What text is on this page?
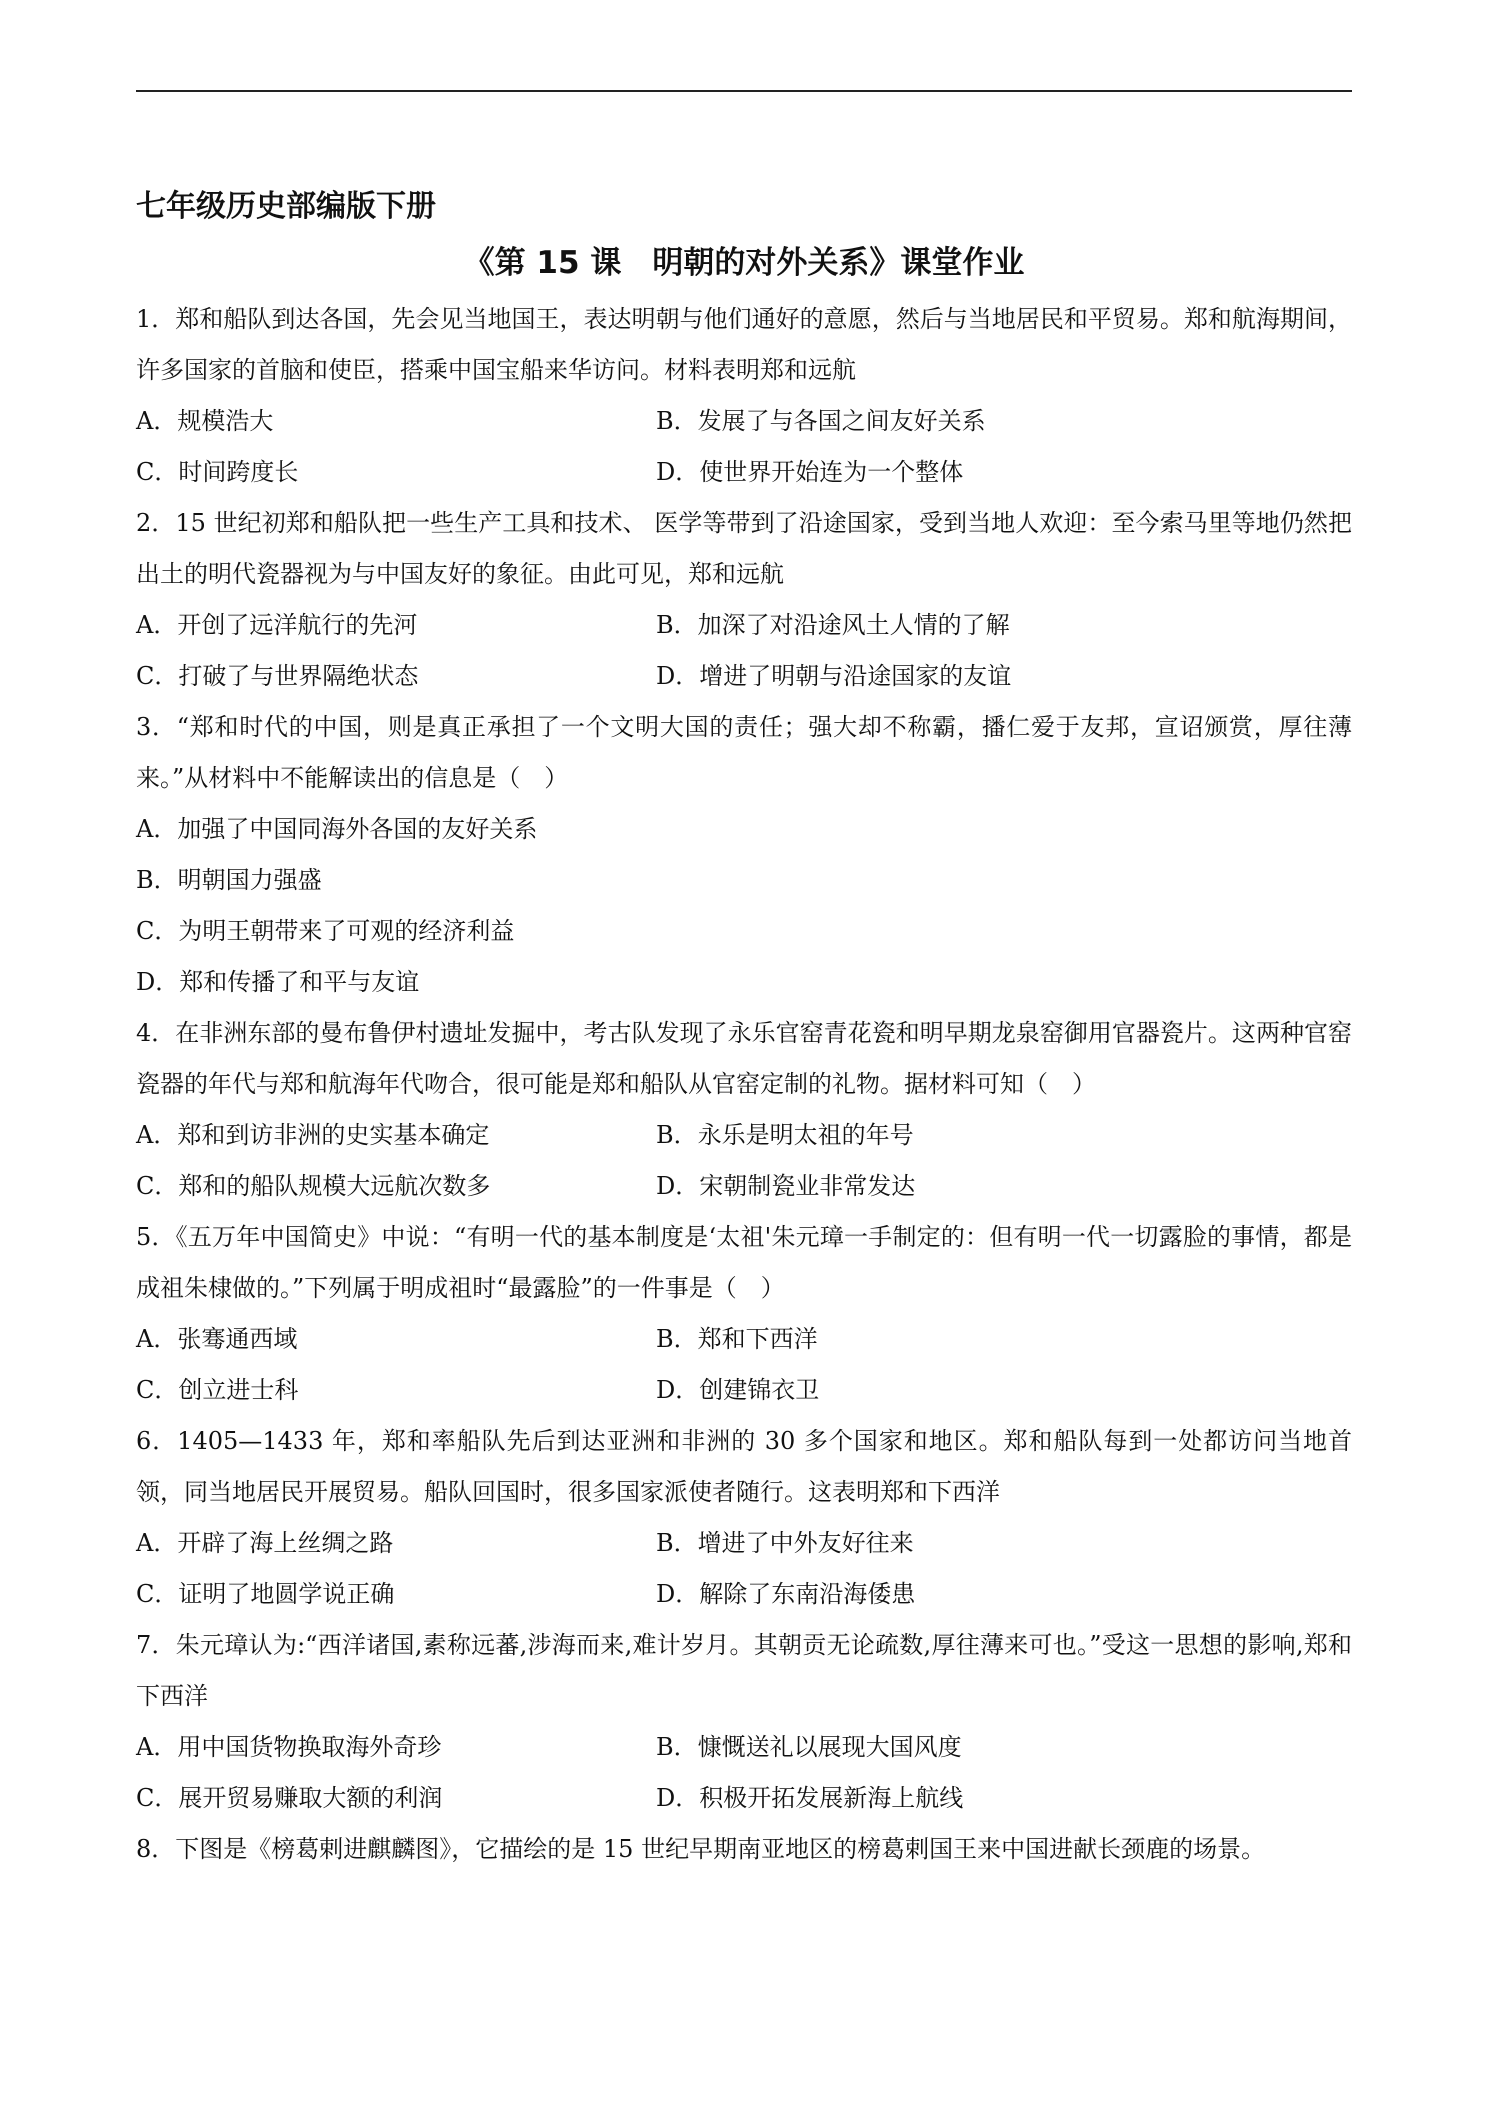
七年级历史部编版下册
《第 15 课　明朝的对外关系》课堂作业

1．郑和船队到达各国，先会见当地国王，表达明朝与他们通好的意愿，然后与当地居民和平贸易。郑和航海期间，许多国家的首脑和使臣，搭乘中国宝船来华访问。材料表明郑和远航

A．规模浩大	B．发展了与各国之间友好关系
C．时间跨度长	D．使世界开始连为一个整体

2．15 世纪初郑和船队把一些生产工具和技术、 医学等带到了沿途国家，受到当地人欢迎：至今索马里等地仍然把出土的明代瓷器视为与中国友好的象征。由此可见，郑和远航

A．开创了远洋航行的先河	B．加深了对沿途风土人情的了解
C．打破了与世界隔绝状态	D．增进了明朝与沿途国家的友谊

3．“郑和时代的中国，则是真正承担了一个文明大国的责任；强大却不称霸，播仁爱于友邦，宣诏颁赏，厚往薄来。”从材料中不能解读出的信息是（　）

A．加强了中国同海外各国的友好关系
B．明朝国力强盛
C．为明王朝带来了可观的经济利益
D．郑和传播了和平与友谊

4．在非洲东部的曼布鲁伊村遗址发掘中，考古队发现了永乐官窑青花瓷和明早期龙泉窑御用官器瓷片。这两种官窑瓷器的年代与郑和航海年代吻合，很可能是郑和船队从官窑定制的礼物。据材料可知（　）

A．郑和到访非洲的史实基本确定	B．永乐是明太祖的年号
C．郑和的船队规模大远航次数多	D．宋朝制瓷业非常发达

5．《五万年中国简史》中说：“有明一代的基本制度是‘太祖'朱元璋一手制定的：但有明一代一切露脸的事情，都是成祖朱棣做的。”下列属于明成祖时“最露脸”的一件事是（　）

A．张骞通西域	B．郑和下西洋
C．创立进士科	D．创建锦衣卫

6．1405—1433 年，郑和率船队先后到达亚洲和非洲的 30 多个国家和地区。郑和船队每到一处都访问当地首领，同当地居民开展贸易。船队回国时，很多国家派使者随行。这表明郑和下西洋

A．开辟了海上丝绸之路	B．增进了中外友好往来
C．证明了地圆学说正确	D．解除了东南沿海倭患

7．朱元璋认为:“西洋诸国,素称远蕃,涉海而来,难计岁月。其朝贡无论疏数,厚往薄来可也。”受这一思想的影响,郑和下西洋

A．用中国货物换取海外奇珍	B．慷慨送礼以展现大国风度
C．展开贸易赚取大额的利润	D．积极开拓发展新海上航线

8．下图是《榜葛剌进麒麟图》，它描绘的是 15 世纪早期南亚地区的榜葛剌国王来中国进献长颈鹿的场景。
